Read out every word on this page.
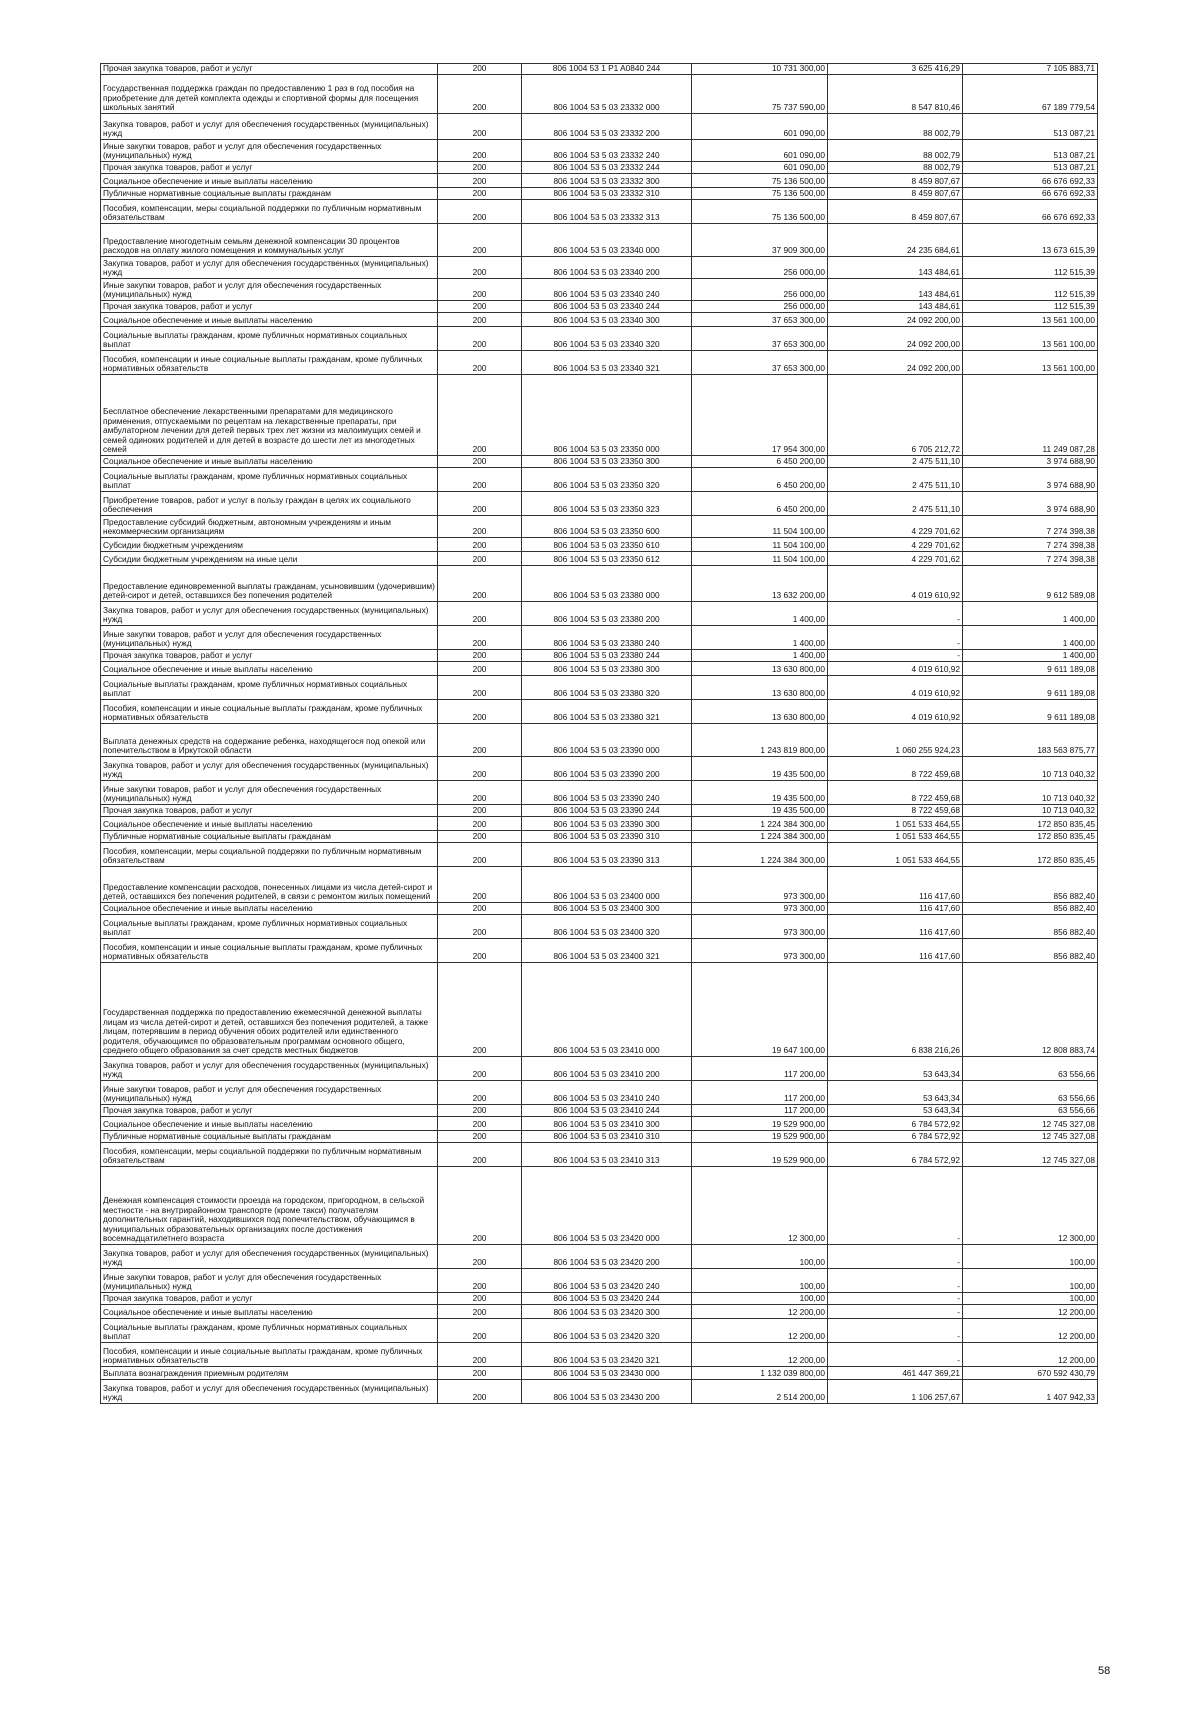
Прочая закупка товаров, работ и услуг	200	806 1004 53 1 P1 A0840 244	10 731 300,00	3 625 416,29	7 105 883,71
Государственная поддержка граждан по предоставлению 1 раз в год пособия на приобретение для детей комплекта одежды и спортивной формы для посещения школьных занятий	200	806 1004 53 5 03 23332 000	75 737 590,00	8 547 810,46	67 189 779,54
Закупка товаров, работ и услуг для обеспечения государственных (муниципальных) нужд	200	806 1004 53 5 03 23332 200	601 090,00	88 002,79	513 087,21
Иные закупки товаров, работ и услуг для обеспечения государственных (муниципальных) нужд	200	806 1004 53 5 03 23332 240	601 090,00	88 002,79	513 087,21
Прочая закупка товаров, работ и услуг	200	806 1004 53 5 03 23332 244	601 090,00	88 002,79	513 087,21
Социальное обеспечение и иные выплаты населению	200	806 1004 53 5 03 23332 300	75 136 500,00	8 459 807,67	66 676 692,33
Публичные нормативные социальные выплаты гражданам	200	806 1004 53 5 03 23332 310	75 136 500,00	8 459 807,67	66 676 692,33
Пособия, компенсации, меры социальной поддержки по публичным нормативным обязательствам	200	806 1004 53 5 03 23332 313	75 136 500,00	8 459 807,67	66 676 692,33
Предоставление многодетным семьям денежной компенсации 30 процентов расходов на оплату жилого помещения и коммунальных услуг	200	806 1004 53 5 03 23340 000	37 909 300,00	24 235 684,61	13 673 615,39
Закупка товаров, работ и услуг для обеспечения государственных (муниципальных) нужд	200	806 1004 53 5 03 23340 200	256 000,00	143 484,61	112 515,39
Иные закупки товаров, работ и услуг для обеспечения государственных (муниципальных) нужд	200	806 1004 53 5 03 23340 240	256 000,00	143 484,61	112 515,39
Прочая закупка товаров, работ и услуг	200	806 1004 53 5 03 23340 244	256 000,00	143 484,61	112 515,39
Социальное обеспечение и иные выплаты населению	200	806 1004 53 5 03 23340 300	37 653 300,00	24 092 200,00	13 561 100,00
Социальные выплаты гражданам, кроме публичных нормативных социальных выплат	200	806 1004 53 5 03 23340 320	37 653 300,00	24 092 200,00	13 561 100,00
Пособия, компенсации и иные социальные выплаты гражданам, кроме публичных нормативных обязательств	200	806 1004 53 5 03 23340 321	37 653 300,00	24 092 200,00	13 561 100,00
Бесплатное обеспечение лекарственными препаратами для медицинского применения, отпускаемыми по рецептам на лекарственные препараты, при амбулаторном лечении для детей первых трех лет жизни из малоимущих семей и семей одиноких родителей и для детей в возрасте до шести лет из многодетных семей	200	806 1004 53 5 03 23350 000	17 954 300,00	6 705 212,72	11 249 087,28
Социальное обеспечение и иные выплаты населению	200	806 1004 53 5 03 23350 300	6 450 200,00	2 475 511,10	3 974 688,90
Социальные выплаты гражданам, кроме публичных нормативных социальных выплат	200	806 1004 53 5 03 23350 320	6 450 200,00	2 475 511,10	3 974 688,90
Приобретение товаров, работ и услуг в пользу граждан в целях их социального обеспечения	200	806 1004 53 5 03 23350 323	6 450 200,00	2 475 511,10	3 974 688,90
Предоставление субсидий бюджетным, автономным учреждениям и иным некоммерческим организациям	200	806 1004 53 5 03 23350 600	11 504 100,00	4 229 701,62	7 274 398,38
Субсидии бюджетным учреждениям	200	806 1004 53 5 03 23350 610	11 504 100,00	4 229 701,62	7 274 398,38
Субсидии бюджетным учреждениям на иные цели	200	806 1004 53 5 03 23350 612	11 504 100,00	4 229 701,62	7 274 398,38
Предоставление единовременной выплаты гражданам, усыновившим (удочерившим) детей-сирот и детей, оставшихся без попечения родителей	200	806 1004 53 5 03 23380 000	13 632 200,00	4 019 610,92	9 612 589,08
Закупка товаров, работ и услуг для обеспечения государственных (муниципальных) нужд	200	806 1004 53 5 03 23380 200	1 400,00	-	1 400,00
Иные закупки товаров, работ и услуг для обеспечения государственных (муниципальных) нужд	200	806 1004 53 5 03 23380 240	1 400,00	-	1 400,00
Прочая закупка товаров, работ и услуг	200	806 1004 53 5 03 23380 244	1 400,00	-	1 400,00
Социальное обеспечение и иные выплаты населению	200	806 1004 53 5 03 23380 300	13 630 800,00	4 019 610,92	9 611 189,08
Социальные выплаты гражданам, кроме публичных нормативных социальных выплат	200	806 1004 53 5 03 23380 320	13 630 800,00	4 019 610,92	9 611 189,08
Пособия, компенсации и иные социальные выплаты гражданам, кроме публичных нормативных обязательств	200	806 1004 53 5 03 23380 321	13 630 800,00	4 019 610,92	9 611 189,08
Выплата денежных средств на содержание ребенка, находящегося под опекой или попечительством в Иркутской области	200	806 1004 53 5 03 23390 000	1 243 819 800,00	1 060 255 924,23	183 563 875,77
Закупка товаров, работ и услуг для обеспечения государственных (муниципальных) нужд	200	806 1004 53 5 03 23390 200	19 435 500,00	8 722 459,68	10 713 040,32
Иные закупки товаров, работ и услуг для обеспечения государственных (муниципальных) нужд	200	806 1004 53 5 03 23390 240	19 435 500,00	8 722 459,68	10 713 040,32
Прочая закупка товаров, работ и услуг	200	806 1004 53 5 03 23390 244	19 435 500,00	8 722 459,68	10 713 040,32
Социальное обеспечение и иные выплаты населению	200	806 1004 53 5 03 23390 300	1 224 384 300,00	1 051 533 464,55	172 850 835,45
Публичные нормативные социальные выплаты гражданам	200	806 1004 53 5 03 23390 310	1 224 384 300,00	1 051 533 464,55	172 850 835,45
Пособия, компенсации, меры социальной поддержки по публичным нормативным обязательствам	200	806 1004 53 5 03 23390 313	1 224 384 300,00	1 051 533 464,55	172 850 835,45
Предоставление компенсации расходов, понесенных лицами из числа детей-сирот и детей, оставшихся без попечения родителей, в связи с ремонтом жилых помещений	200	806 1004 53 5 03 23400 000	973 300,00	116 417,60	856 882,40
Социальное обеспечение и иные выплаты населению	200	806 1004 53 5 03 23400 300	973 300,00	116 417,60	856 882,40
Социальные выплаты гражданам, кроме публичных нормативных социальных выплат	200	806 1004 53 5 03 23400 320	973 300,00	116 417,60	856 882,40
Пособия, компенсации и иные социальные выплаты гражданам, кроме публичных нормативных обязательств	200	806 1004 53 5 03 23400 321	973 300,00	116 417,60	856 882,40
Государственная поддержка по предоставлению ежемесячной денежной выплаты лицам из числа детей-сирот и детей, оставшихся без попечения родителей, а также лицам, потерявшим в период обучения обоих родителей или единственного родителя, обучающимся по образовательным программам основного общего, среднего общего образования за счет средств местных бюджетов	200	806 1004 53 5 03 23410 000	19 647 100,00	6 838 216,26	12 808 883,74
Закупка товаров, работ и услуг для обеспечения государственных (муниципальных) нужд	200	806 1004 53 5 03 23410 200	117 200,00	53 643,34	63 556,66
Иные закупки товаров, работ и услуг для обеспечения государственных (муниципальных) нужд	200	806 1004 53 5 03 23410 240	117 200,00	53 643,34	63 556,66
Прочая закупка товаров, работ и услуг	200	806 1004 53 5 03 23410 244	117 200,00	53 643,34	63 556,66
Социальное обеспечение и иные выплаты населению	200	806 1004 53 5 03 23410 300	19 529 900,00	6 784 572,92	12 745 327,08
Публичные нормативные социальные выплаты гражданам	200	806 1004 53 5 03 23410 310	19 529 900,00	6 784 572,92	12 745 327,08
Пособия, компенсации, меры социальной поддержки по публичным нормативным обязательствам	200	806 1004 53 5 03 23410 313	19 529 900,00	6 784 572,92	12 745 327,08
Денежная компенсация стоимости проезда на городском, пригородном, в сельской местности - на внутрирайонном транспорте (кроме такси) получателям дополнительных гарантий, находившихся под попечительством, обучающимся в муниципальных образовательных организациях после достижения восемнадцатилетнего возраста	200	806 1004 53 5 03 23420 000	12 300,00	-	12 300,00
Закупка товаров, работ и услуг для обеспечения государственных (муниципальных) нужд	200	806 1004 53 5 03 23420 200	100,00	-	100,00
Иные закупки товаров, работ и услуг для обеспечения государственных (муниципальных) нужд	200	806 1004 53 5 03 23420 240	100,00	-	100,00
Прочая закупка товаров, работ и услуг	200	806 1004 53 5 03 23420 244	100,00	-	100,00
Социальное обеспечение и иные выплаты населению	200	806 1004 53 5 03 23420 300	12 200,00	-	12 200,00
Социальные выплаты гражданам, кроме публичных нормативных социальных выплат	200	806 1004 53 5 03 23420 320	12 200,00	-	12 200,00
Пособия, компенсации и иные социальные выплаты гражданам, кроме публичных нормативных обязательств	200	806 1004 53 5 03 23420 321	12 200,00	-	12 200,00
Выплата вознаграждения приемным родителям	200	806 1004 53 5 03 23430 000	1 132 039 800,00	461 447 369,21	670 592 430,79
Закупка товаров, работ и услуг для обеспечения государственных (муниципальных) нужд	200	806 1004 53 5 03 23430 200	2 514 200,00	1 106 257,67	1 407 942,33
58
